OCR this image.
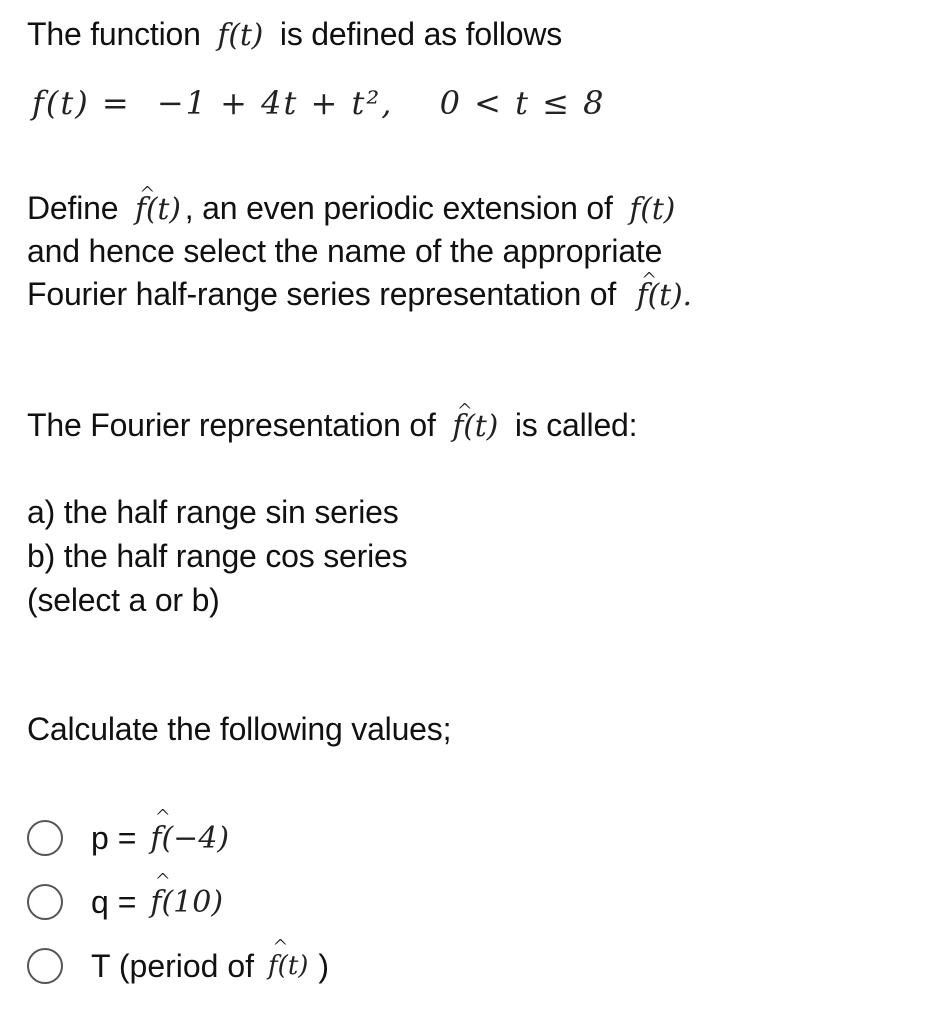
The function f(t) is defined as follows
f(t) = −1 + 4t + t², 0 < t ≤ 8
Define ^ f(t) , an even periodic extension of f(t)
and hence select the name of the appropriate
Fourier half-range series representation of ^ f(t).
The Fourier representation of ^ f(t) is called:
a) the half range sin series
b) the half range cos series
(select a or b)
Calculate the following values;
p = ^ f(−4)
q = ^ f(10)
T (period of ^ f(t) )
